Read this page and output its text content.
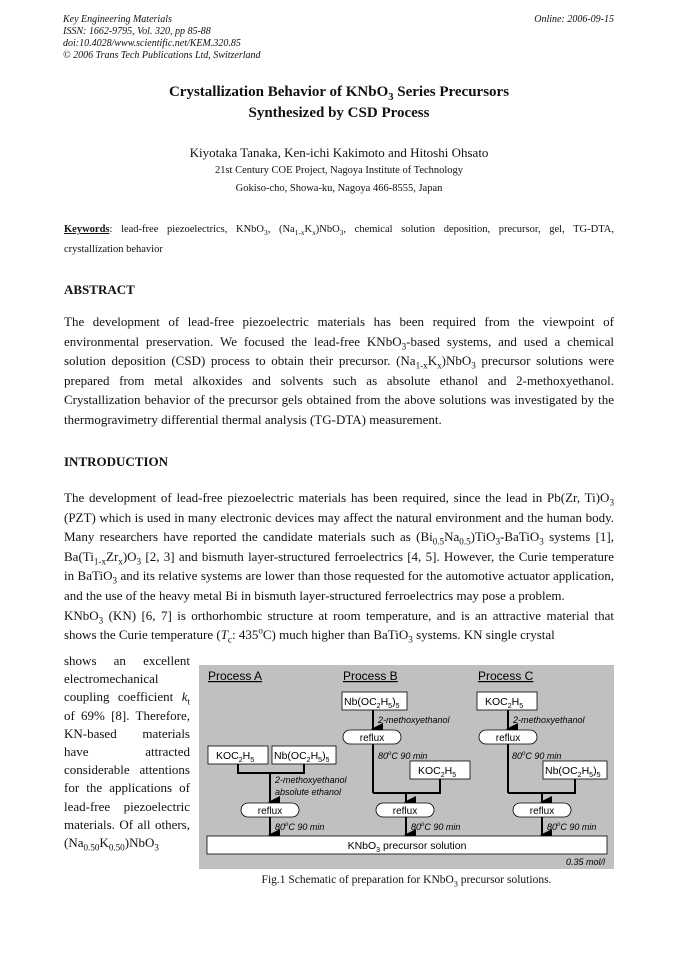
Key Engineering Materials
ISSN: 1662-9795, Vol. 320, pp 85-88
doi:10.4028/www.scientific.net/KEM.320.85
© 2006 Trans Tech Publications Ltd, Switzerland
Online: 2006-09-15
Crystallization Behavior of KNbO$_3$ Series Precursors
Synthesized by CSD Process
Kiyotaka Tanaka, Ken-ichi Kakimoto and Hitoshi Ohsato
21st Century COE Project, Nagoya Institute of Technology
Gokiso-cho, Showa-ku, Nagoya 466-8555, Japan
Keywords: lead-free piezoelectrics, KNbO$_3$, $(Na_{1-x}K_x)NbO_3$, chemical solution deposition, precursor, gel, TG-DTA, crystallization behavior
ABSTRACT

The development of lead-free piezoelectric materials has been required from the viewpoint of environmental preservation. We focused the lead-free KNbO$_3$-based systems, and used a chemical solution deposition (CSD) process to obtain their precursor. $(Na_{1-x}K_x)NbO_3$ precursor solutions were prepared from metal alkoxides and solvents such as absolute ethanol and 2-methoxyethanol. Crystallization behavior of the precursor gels obtained from the above solutions was investigated by the thermogravimetry differential thermal analysis (TG-DTA) measurement.

INTRODUCTION

The development of lead-free piezoelectric materials has been required, since the lead in Pb(Zr, $Ti)O_3$ (PZT) which is used in many electronic devices may affect the natural environment and the human body. Many researchers have reported the candidate materials such as $(Bi_{0.5}Na_{0.5})TiO_3-BaTiO_3$ systems [1], $Ba(Ti_{1-x}Zr_x)O_3$ [2, 3] and bismuth layer-structured ferroelectrics [4, 5]. However, the Curie temperature in BaTiO$_3$ and its relative systems are lower than those requested for the automotive actuator application, and the use of the heavy metal Bi in bismuth layer-structured ferroelectrics may pose a problem.

KNbO$_3$ (KN) [6, 7] is orthorhombic structure at room temperature, and is an attractive material that shows the Curie temperature ($T_c$: 435$^o$C) much higher than BaTiO$_3$ systems. KN single crystal

shows an excellent electromechanical coupling coefficient $k_t$ of 69% [8]. Therefore, KN-based materials have attracted considerable attentions for the applications of lead-free piezoelectric materials. Of all others, $(Na_{0.50}K_{0.50})NbO_3$

Process A	Process B	Process C
$Nb(OC_2H_5)_5$
2-methoxyethanol
reflux
80$^o$C 90 min
$KOC_2H_5$
reflux
80$^o$C 90 min
$KOC_2H_5$
2-methoxyethanol
reflux
80$^o$C 90 min
$Nb(OC_2H_5)_5$
reflux
80$^o$C 90 min
$KOC_2H_5$ $Nb(OC_2H_5)_5$
2-methoxyethanol
absolute ethanol
reflux
80$^o$C 90 min
KNbO$_3$ precursor solution
0.35 mol/l
Fig.1 Schematic of preparation for KNbO$_3$ precursor solutions.
